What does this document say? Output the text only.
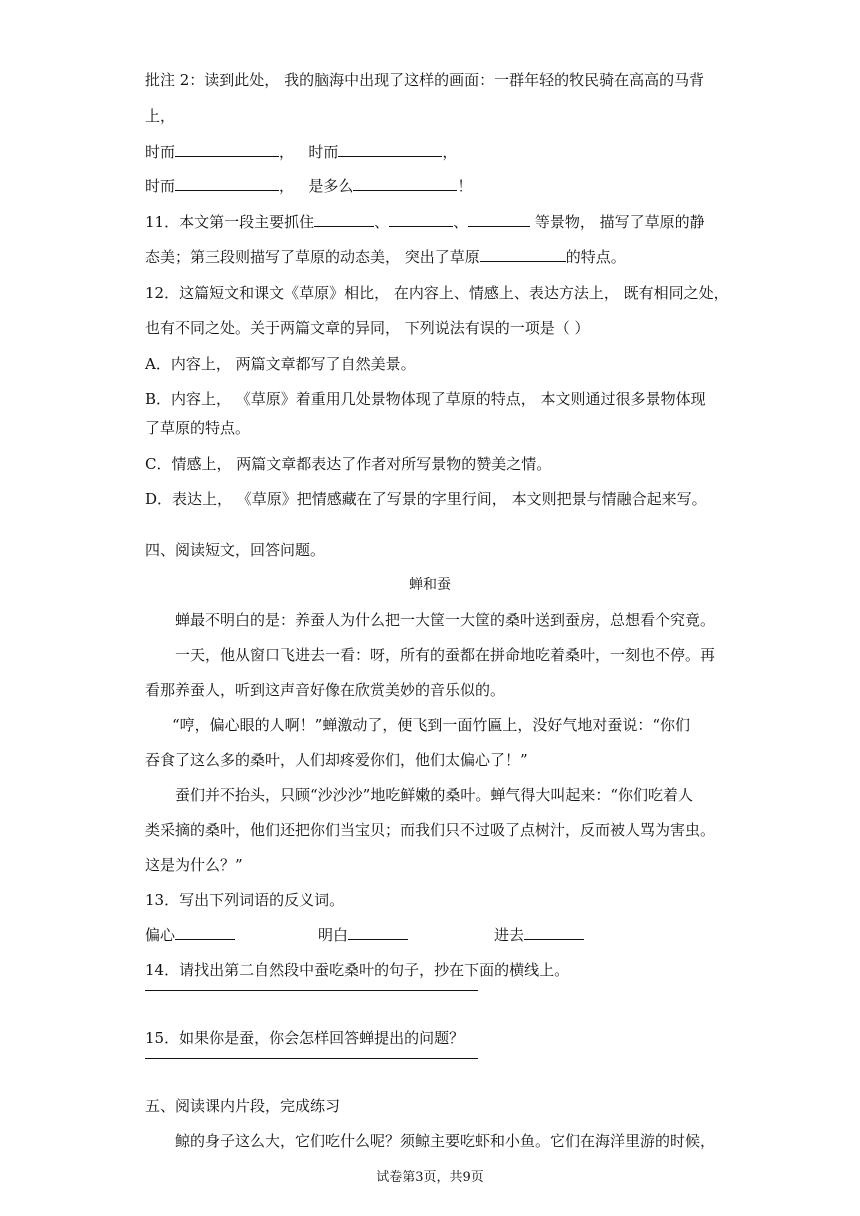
批注 2：读到此处， 我的脑海中出现了这样的画面：一群年轻的牧民骑在高高的马背
上，
时而	， 时而	，
时而	， 是多么	！
11．本文第一段主要抓住	、	、	等景物， 描写了草原的静
态美；第三段则描写了草原的动态美， 突出了草原	的特点。
12．这篇短文和课文《草原》相比， 在内容上、情感上、表达方法上， 既有相同之处，
也有不同之处。关于两篇文章的异同， 下列说法有误的一项是（ ）
A．内容上， 两篇文章都写了自然美景。
B．内容上， 《草原》着重用几处景物体现了草原的特点， 本文则通过很多景物体现
了草原的特点。
C．情感上， 两篇文章都表达了作者对所写景物的赞美之情。
D．表达上， 《草原》把情感藏在了写景的字里行间， 本文则把景与情融合起来写。
四、阅读短文，回答问题。
蝉和蚕
蝉最不明白的是：养蚕人为什么把一大筐一大筐的桑叶送到蚕房，总想看个究竟。
一天，他从窗口飞进去一看：呀，所有的蚕都在拼命地吃着桑叶，一刻也不停。再
看那养蚕人，听到这声音好像在欣赏美妙的音乐似的。
“哼，偏心眼的人啊！”蝉激动了，便飞到一面竹匾上，没好气地对蚕说：“你们
吞食了这么多的桑叶，人们却疼爱你们，他们太偏心了！”
蚕们并不抬头，只顾“沙沙沙”地吃鲜嫩的桑叶。蝉气得大叫起来：“你们吃着人
类采摘的桑叶，他们还把你们当宝贝；而我们只不过吸了点树汁，反而被人骂为害虫。
这是为什么？”
13．写出下列词语的反义词。
偏心	明白	进去
14．请找出第二自然段中蚕吃桑叶的句子，抄在下面的横线上。
15．如果你是蚕，你会怎样回答蝉提出的问题？
五、阅读课内片段，完成练习
鲸的身子这么大，它们吃什么呢？须鲸主要吃虾和小鱼。它们在海洋里游的时候，
试卷第3页，共9页
